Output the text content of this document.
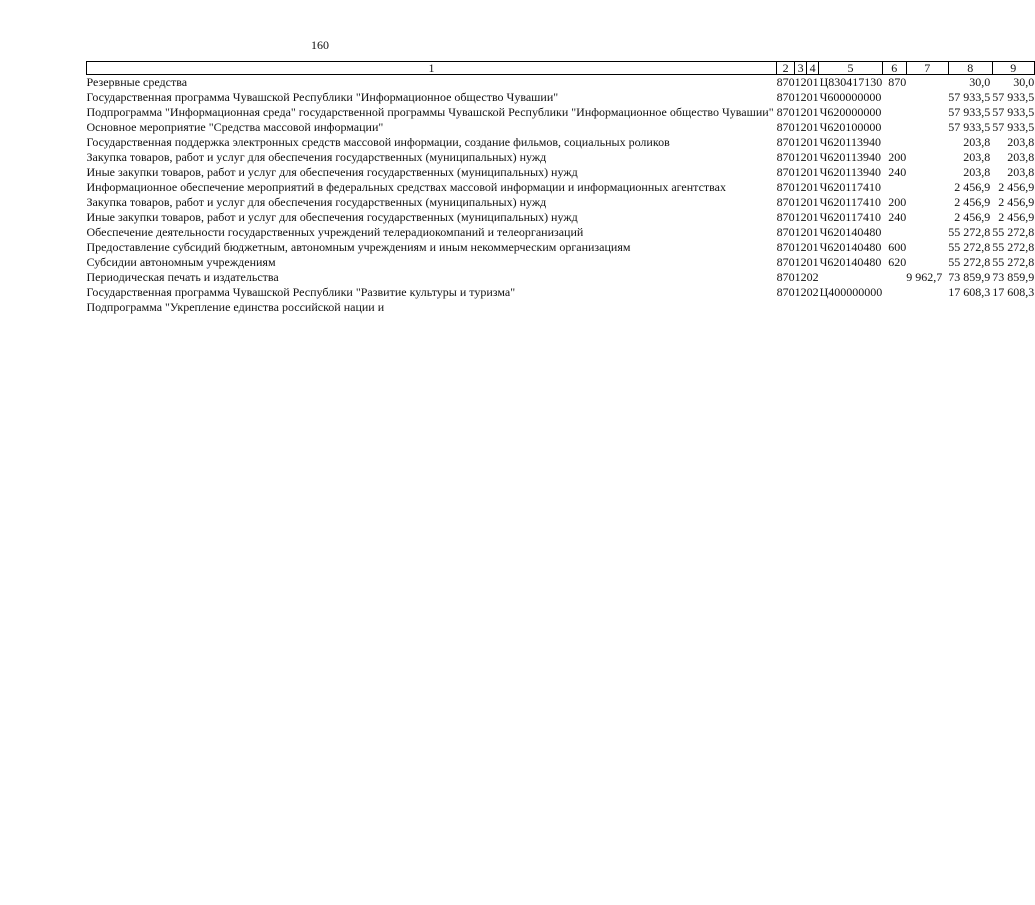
160
1	2	3	4	5	6	7	8	9
Резервные средства	870	12	01	Ц830417130	870		30,0	30,0
Государственная программа Чувашской Республики "Информационное общество Чувашии"	870	12	01	Ч600000000			57 933,5	57 933,5
Подпрограмма "Информационная среда" государственной программы Чувашской Республики "Информационное общество Чувашии"	870	12	01	Ч620000000			57 933,5	57 933,5
Основное мероприятие "Средства массовой информации"	870	12	01	Ч620100000			57 933,5	57 933,5
Государственная поддержка электронных средств массовой информации, создание фильмов, социальных роликов	870	12	01	Ч620113940			203,8	203,8
Закупка товаров, работ и услуг для обеспечения государственных (муниципальных) нужд	870	12	01	Ч620113940	200		203,8	203,8
Иные закупки товаров, работ и услуг для обеспечения государственных (муниципальных) нужд	870	12	01	Ч620113940	240		203,8	203,8
Информационное обеспечение мероприятий в федеральных средствах массовой информации и информационных агентствах	870	12	01	Ч620117410			2 456,9	2 456,9
Закупка товаров, работ и услуг для обеспечения государственных (муниципальных) нужд	870	12	01	Ч620117410	200		2 456,9	2 456,9
Иные закупки товаров, работ и услуг для обеспечения государственных (муниципальных) нужд	870	12	01	Ч620117410	240		2 456,9	2 456,9
Обеспечение деятельности государственных учреждений телерадиокомпаний и телеорганизаций	870	12	01	Ч620140480			55 272,8	55 272,8
Предоставление субсидий бюджетным, автономным учреждениям и иным некоммерческим организациям	870	12	01	Ч620140480	600		55 272,8	55 272,8
Субсидии автономным учреждениям	870	12	01	Ч620140480	620		55 272,8	55 272,8
Периодическая печать и издательства	870	12	02			9 962,7	73 859,9	73 859,9
Государственная программа Чувашской Республики "Развитие культуры и туризма"	870	12	02	Ц400000000			17 608,3	17 608,3
Подпрограмма "Укрепление единства российской нации и								
